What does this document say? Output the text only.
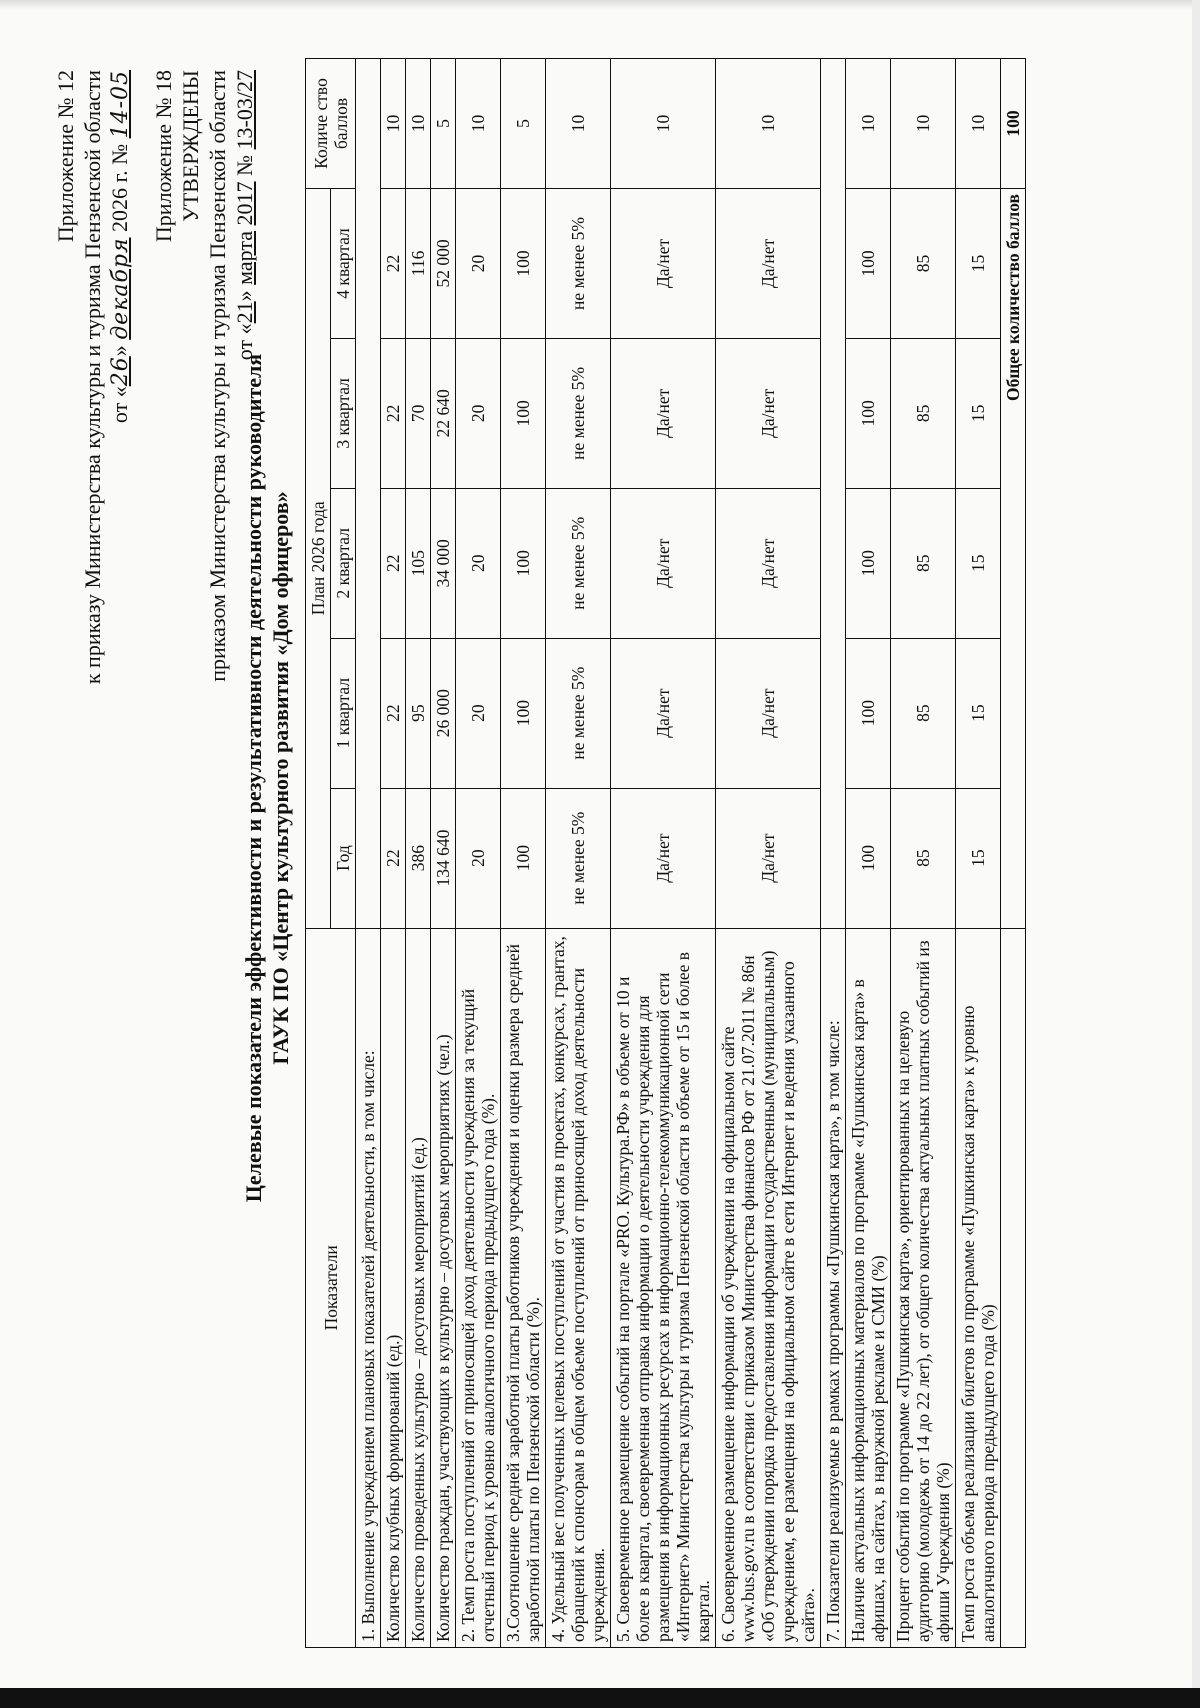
Приложение № 12 к приказу Министерства культуры и туризма Пензенской области от «26» декабря 2026 г. № 14-05 Приложение № 18 УТВЕРЖДЕНЫ приказом Министерства культуры и туризма Пензенской области от «21» марта 2017 № 13-03/27
Целевые показатели эффективности и результативности деятельности руководителя ГАУК ПО «Центр культурного развития «Дом офицеров»
Показатели	План 2026 года					Количе ство баллов
	Год	1 квартал	2 квартал	3 квартал	4 квартал	
1. Выполнение учреждением плановых показателей деятельности, в том числе:						
Количество клубных формирований (ед.)	22	22	22	22	22	10
Количество проведенных культурно – досуговых мероприятий (ед.)	386	95	105	70	116	10
Количество граждан, участвующих в культурно – досуговых мероприятиях (чел.)	134 640	26 000	34 000	22 640	52 000	5
2. Темп роста поступлений от приносящей доход деятельности учреждения за текущий отчетный период к уровню аналогичного периода предыдущего года (%).	20	20	20	20	20	10
3.Соотношение средней заработной платы работников учреждения и оценки размера средней заработной платы по Пензенской области (%).	100	100	100	100	100	5
4. Удельный вес полученных целевых поступлений от участия в проектах, конкурсах, грантах, обращений к спонсорам в общем объеме поступлений от приносящей доход деятельности учреждения.	не менее 5%	не менее 5%	не менее 5%	не менее 5%	не менее 5%	10
5. Своевременное размещение событий на портале «PRO. Культура.РФ» в объеме от 10 и более в квартал, своевременная отправка информации о деятельности учреждения для размещения в информационных ресурсах в информационно-телекоммуникационной сети «Интернет» Министерства культуры и туризма Пензенской области в объеме от 15 и более в квартал.	Да/нет	Да/нет	Да/нет	Да/нет	Да/нет	10
6. Своевременное размещение информации об учреждении на официальном сайте www.bus.gov.ru в соответствии с приказом Министерства финансов РФ от 21.07.2011 № 86н «Об утверждении порядка предоставления информации государственным (муниципальным) учреждением, ее размещения на официальном сайте в сети Интернет и ведения указанного сайта».	Да/нет	Да/нет	Да/нет	Да/нет	Да/нет	10
7. Показатели реализуемые в рамках программы «Пушкинская карта», в том числе:						
Наличие актуальных информационных материалов по программе «Пушкинская карта» в афишах, на сайтах, в наружной рекламе и СМИ (%)	100	100	100	100	100	10
Процент событий по программе «Пушкинская карта», ориентированных на целевую аудиторию (молодежь от 14 до 22 лет), от общего количества актуальных платных событий из афиши Учреждения (%)	85	85	85	85	85	10
Темп роста объема реализации билетов по программе «Пушкинская карта» к уровню аналогичного периода предыдущего года (%)	15	15	15	15	15	10
	Общее количество баллов					100
